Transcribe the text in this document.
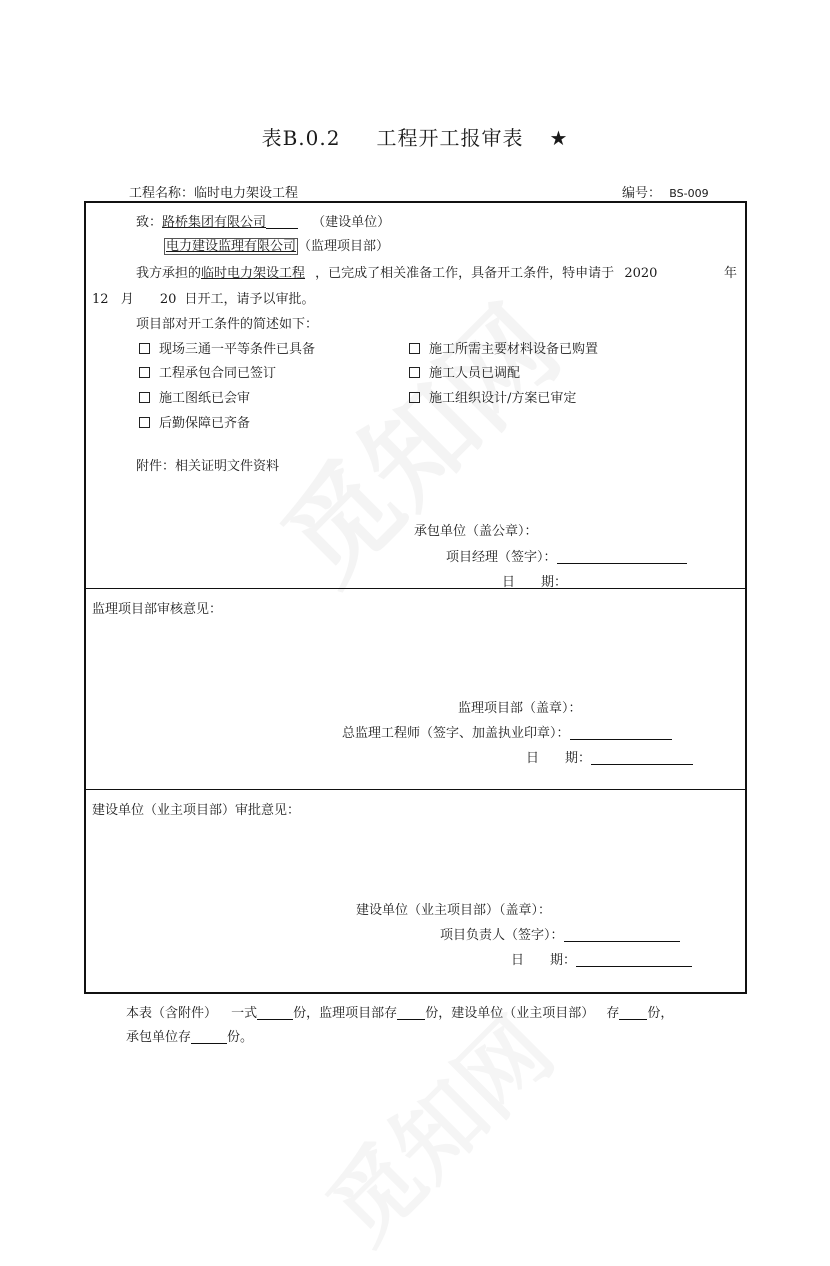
表B.0.2 工程开工报审表 ★
工程名称：临时电力架设工程	编号： BS-009
致：路桥集团有限公司	（建设单位）
电力建设监理有限公司 （监理项目部）
我方承担的临时电力架设工程 ，已完成了相关准备工作，具备开工条件，特申请于 2020	年
12 月 20 日开工，请予以审批。
项目部对开工条件的简述如下：
现场三通一平等条件已具备	施工所需主要材料设备已购置
工程承包合同已签订	施工人员已调配
施工图纸已会审	施工组织设计/方案已审定
后勤保障已齐备
附件：相关证明文件资料
承包单位（盖公章）：
项目经理（签字）：
日　　期：
监理项目部审核意见：
监理项目部（盖章）：
总监理工程师（签字、加盖执业印章）：
日　　期：
建设单位（业主项目部）审批意见：
建设单位（业主项目部）（盖章）：
项目负责人（签字）：
日　　期：
本表（含附件） 一式	份，监理项目部存 份，建设单位（业主项目部） 存 份，
承包单位存	份。
